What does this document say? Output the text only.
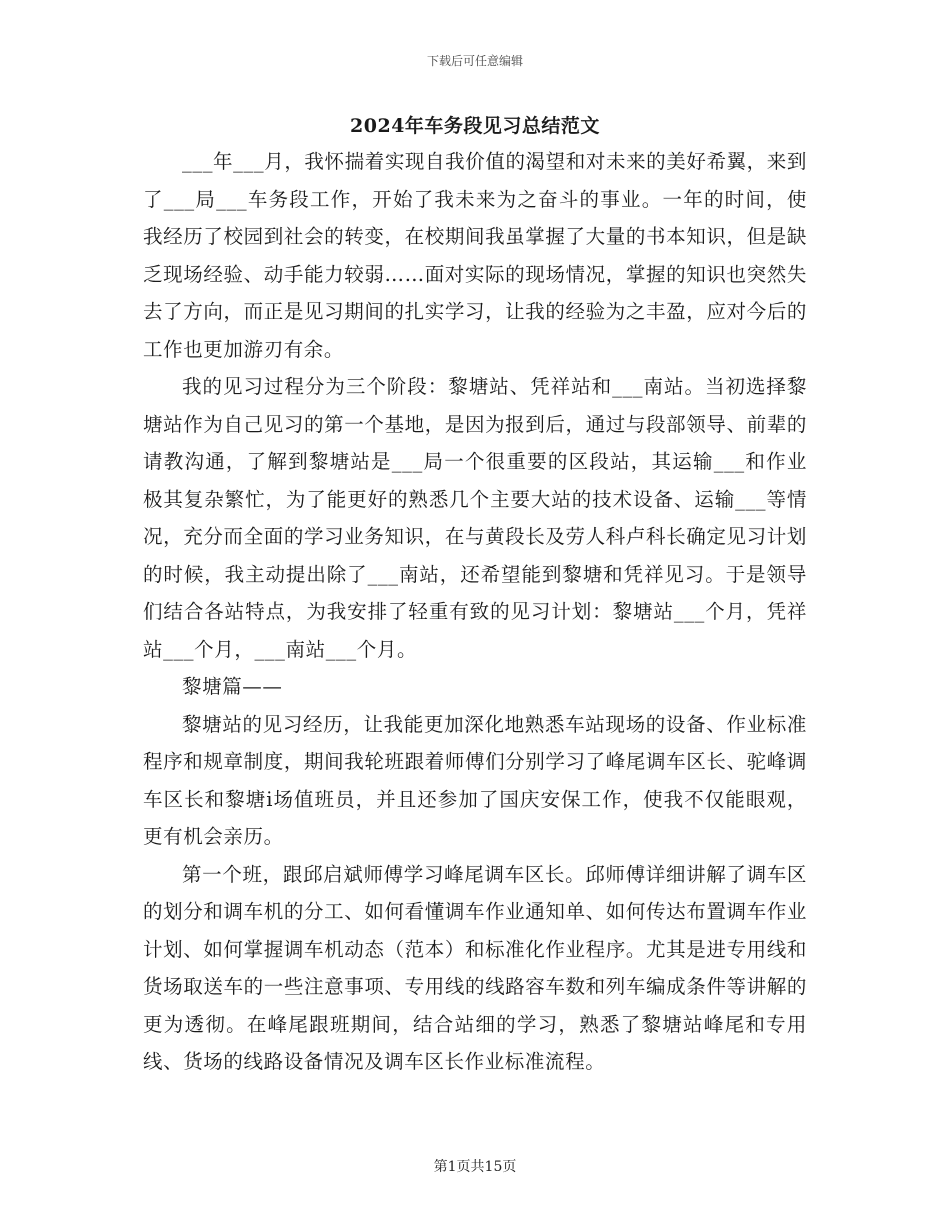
下载后可任意编辑
2024年车务段见习总结范文

___年___月，我怀揣着实现自我价值的渴望和对未来的美好希翼，来到了___局___车务段工作，开始了我未来为之奋斗的事业。一年的时间，使我经历了校园到社会的转变，在校期间我虽掌握了大量的书本知识，但是缺乏现场经验、动手能力较弱……面对实际的现场情况，掌握的知识也突然失去了方向，而正是见习期间的扎实学习，让我的经验为之丰盈，应对今后的工作也更加游刃有余。

我的见习过程分为三个阶段：黎塘站、凭祥站和___南站。当初选择黎塘站作为自己见习的第一个基地，是因为报到后，通过与段部领导、前辈的请教沟通，了解到黎塘站是___局一个很重要的区段站，其运输___和作业极其复杂繁忙，为了能更好的熟悉几个主要大站的技术设备、运输___等情况，充分而全面的学习业务知识，在与黄段长及劳人科卢科长确定见习计划的时候，我主动提出除了___南站，还希望能到黎塘和凭祥见习。于是领导们结合各站特点，为我安排了轻重有致的见习计划：黎塘站___个月，凭祥站___个月，___南站___个月。

黎塘篇——

黎塘站的见习经历，让我能更加深化地熟悉车站现场的设备、作业标准程序和规章制度，期间我轮班跟着师傅们分别学习了峰尾调车区长、驼峰调车区长和黎塘ⅰ场值班员，并且还参加了国庆安保工作，使我不仅能眼观，更有机会亲历。

第一个班，跟邱启斌师傅学习峰尾调车区长。邱师傅详细讲解了调车区的划分和调车机的分工、如何看懂调车作业通知单、如何传达布置调车作业计划、如何掌握调车机动态（范本）和标准化作业程序。尤其是进专用线和货场取送车的一些注意事项、专用线的线路容车数和列车编成条件等讲解的更为透彻。在峰尾跟班期间，结合站细的学习，熟悉了黎塘站峰尾和专用线、货场的线路设备情况及调车区长作业标准流程。

第1页共15页
